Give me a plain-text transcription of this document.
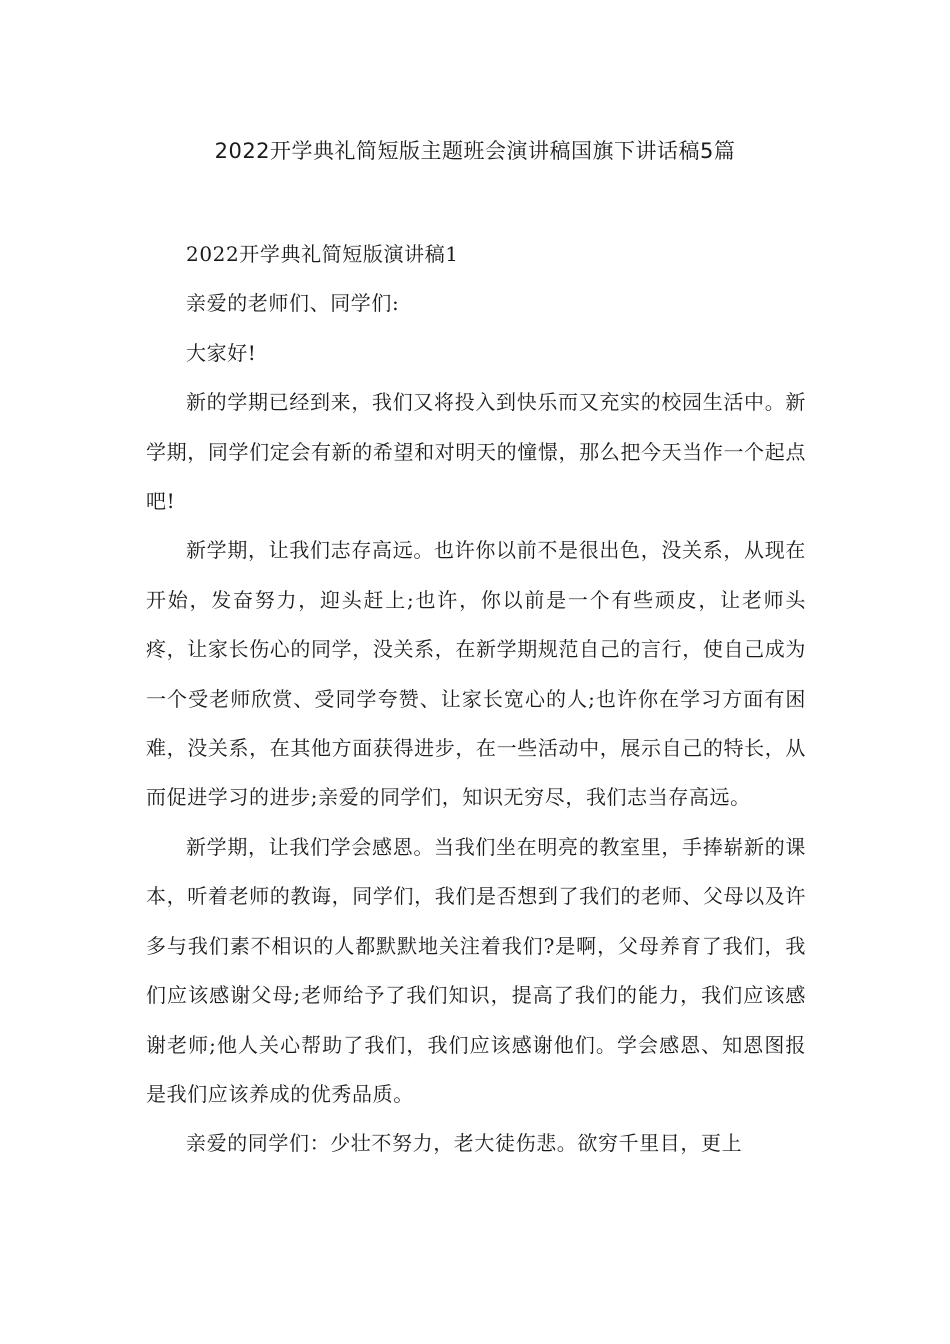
2022开学典礼简短版主题班会演讲稿国旗下讲话稿5篇

2022开学典礼简短版演讲稿1

亲爱的老师们、同学们:

大家好!

新的学期已经到来，我们又将投入到快乐而又充实的校园生活中。新学期，同学们定会有新的希望和对明天的憧憬，那么把今天当作一个起点吧!

新学期，让我们志存高远。也许你以前不是很出色，没关系，从现在开始，发奋努力，迎头赶上;也许，你以前是一个有些顽皮，让老师头疼，让家长伤心的同学，没关系，在新学期规范自己的言行，使自己成为一个受老师欣赏、受同学夸赞、让家长宽心的人;也许你在学习方面有困难，没关系，在其他方面获得进步，在一些活动中，展示自己的特长，从而促进学习的进步;亲爱的同学们，知识无穷尽，我们志当存高远。

新学期，让我们学会感恩。当我们坐在明亮的教室里，手捧崭新的课本，听着老师的教诲，同学们，我们是否想到了我们的老师、父母以及许多与我们素不相识的人都默默地关注着我们?是啊，父母养育了我们，我们应该感谢父母;老师给予了我们知识，提高了我们的能力，我们应该感谢老师;他人关心帮助了我们，我们应该感谢他们。学会感恩、知恩图报是我们应该养成的优秀品质。

亲爱的同学们：少壮不努力，老大徒伤悲。欲穷千里目，更上
